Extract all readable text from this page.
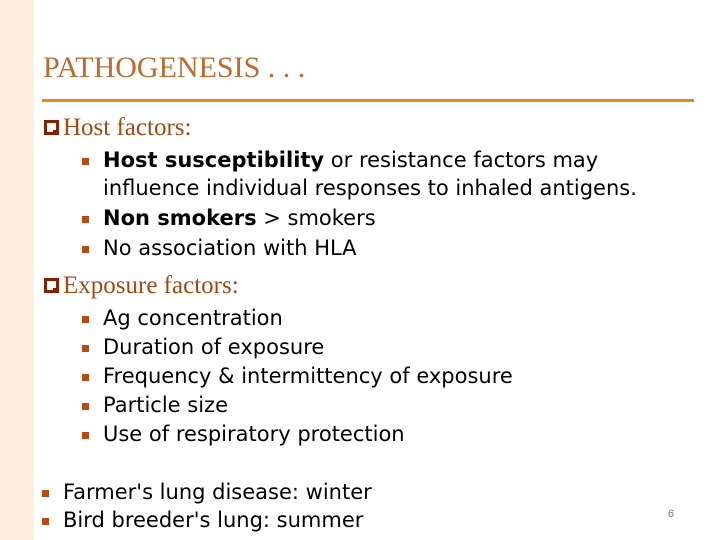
PATHOGENESIS . . .
Host factors:
Host susceptibility or resistance factors may
influence individual responses to inhaled antigens.
Non smokers > smokers
No association with HLA
Exposure factors:
Ag concentration
Duration of exposure
Frequency & intermittency of exposure
Particle size
Use of respiratory protection
Farmer's lung disease: winter
Bird breeder's lung: summer	6
